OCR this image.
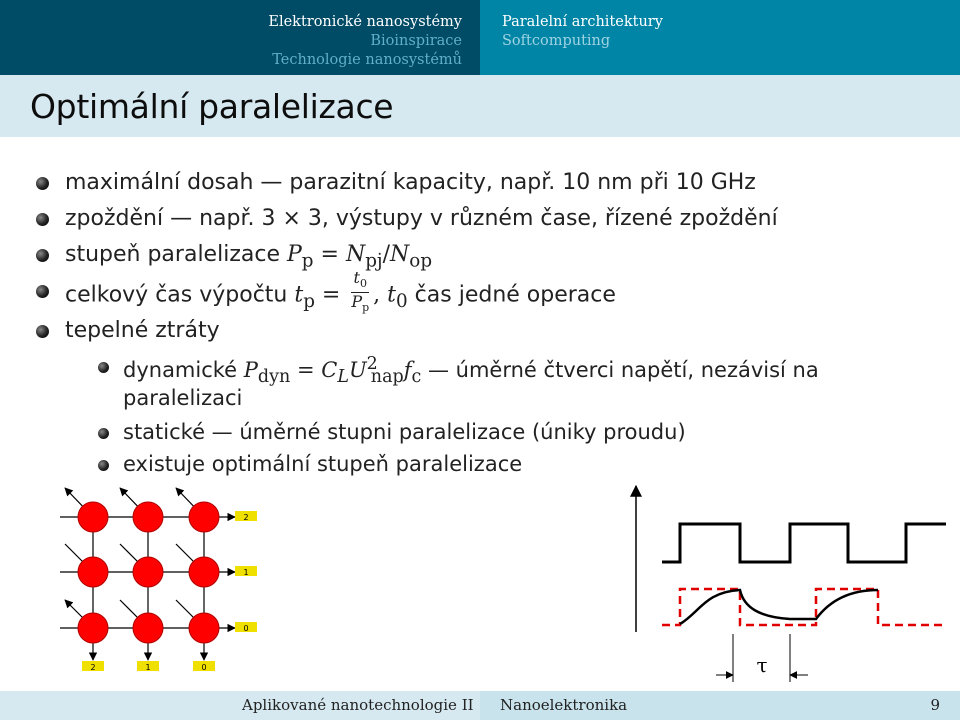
Elektronické nanosystémy
Bioinspirace
Technologie nanosystémů
Paralelní architektury
Softcomputing
Optimální paralelizace
maximální dosah — parazitní kapacity, např. 10 nm při 10 GHz
zpoždění — např. 3 × 3, výstupy v různém čase, řízené zpoždění
stupeň paralelizace $P_p = N_{pj}/N_{op}$
celkový čas výpočtu $t_p = \frac{t_0}{P_p}$ , $t_0$ čas jedné operace
tepelné ztráty
dynamické $P_{dyn} = C_LU^2_{nap}f_c$ — úměrné čtverci napětí, nezávisí na
paralelizaci
statické — úměrné stupni paralelizace (úniky proudu)
existuje optimální stupeň paralelizace
2
1
0
2	1	0	τ
Aplikované nanotechnologie II Nanoelektronika	9
